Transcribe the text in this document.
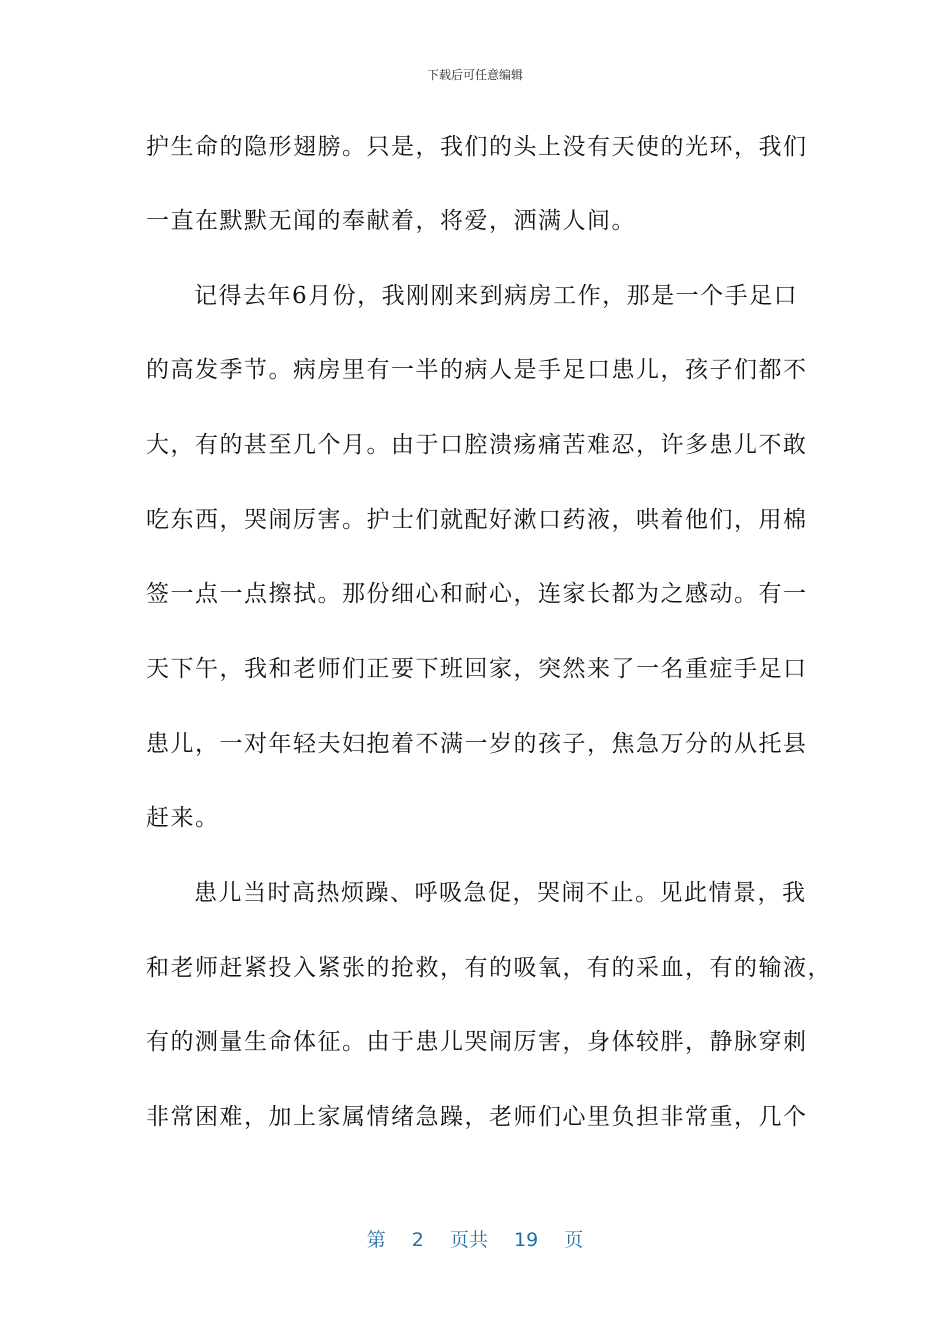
下载后可任意编辑
护生命的隐形翅膀。只是，我们的头上没有天使的光环，我们
一直在默默无闻的奉献着，将爱，洒满人间。
记得去年6月份，我刚刚来到病房工作，那是一个手足口
的高发季节。病房里有一半的病人是手足口患儿，孩子们都不
大，有的甚至几个月。由于口腔溃疡痛苦难忍，许多患儿不敢
吃东西，哭闹厉害。护士们就配好漱口药液，哄着他们，用棉
签一点一点擦拭。那份细心和耐心，连家长都为之感动。有一
天下午，我和老师们正要下班回家，突然来了一名重症手足口
患儿，一对年轻夫妇抱着不满一岁的孩子，焦急万分的从托县
赶来。
患儿当时高热烦躁、呼吸急促，哭闹不止。见此情景，我
和老师赶紧投入紧张的抢救，有的吸氧，有的采血，有的输液，
有的测量生命体征。由于患儿哭闹厉害，身体较胖，静脉穿刺
非常困难，加上家属情绪急躁，老师们心里负担非常重，几个
第 2 页共 19 页
